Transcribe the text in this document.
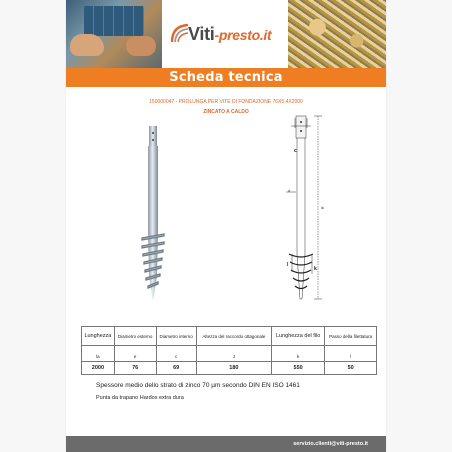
Viti-presto.it
Scheda tecnica
150000047 - PROLUNGA PER VITE DI FONDAZIONE 76X5,4X2000
ZINCATO A CALDO
c
d
la
l
k
Lunghezza	Diametro esterno	Diametro interno	Altezza del raccordo ottagonale	Lunghezza del filo	Passo della filettatura
la	e	c	J	k	l
2000	76	69	180	550	50
Spessore medio dello strato di zinco 70 µm secondo DIN EN ISO 1461
Punta da trapano Hardox extra dura
servizio.clienti@viti-presto.it
